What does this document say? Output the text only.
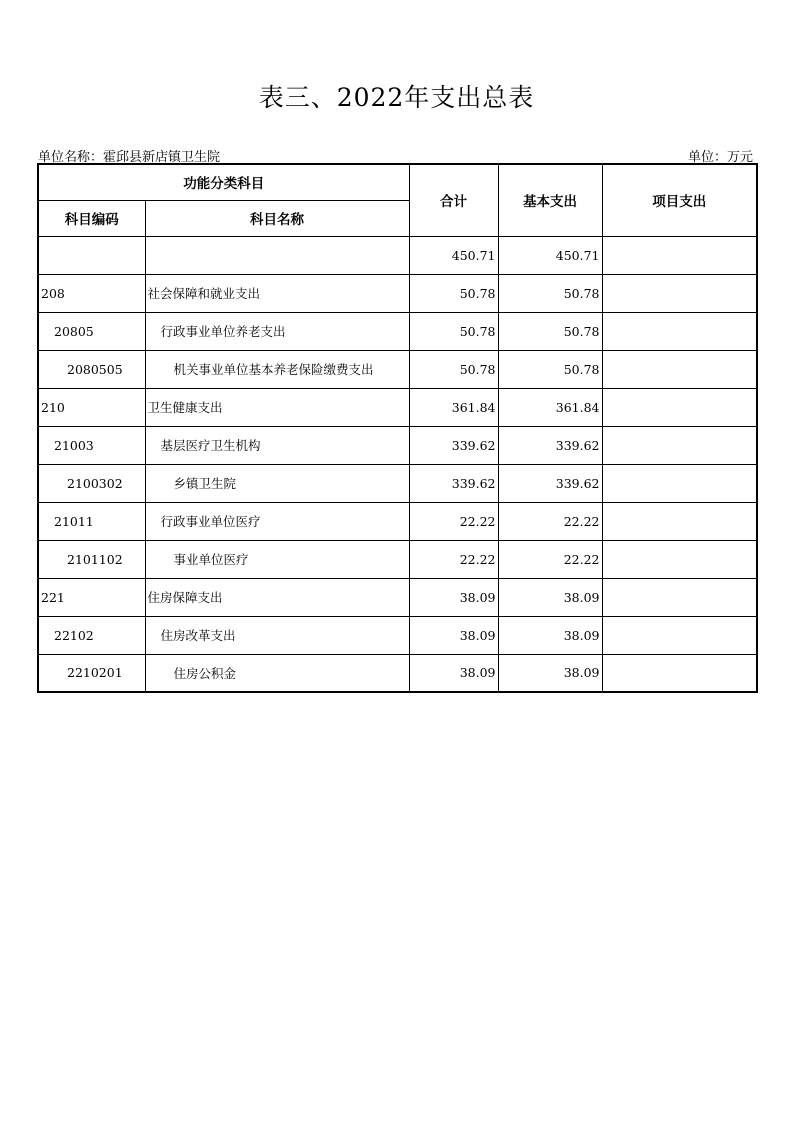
表三、2022年支出总表
单位名称：霍邱县新店镇卫生院	单位：万元
功能分类科目		合计	基本支出	项目支出
科目编码	科目名称			
		450.71	450.71	
208	社会保障和就业支出	50.78	50.78	
20805	行政事业单位养老支出	50.78	50.78	
2080505	机关事业单位基本养老保险缴费支出	50.78	50.78	
210	卫生健康支出	361.84	361.84	
21003	基层医疗卫生机构	339.62	339.62	
2100302	乡镇卫生院	339.62	339.62	
21011	行政事业单位医疗	22.22	22.22	
2101102	事业单位医疗	22.22	22.22	
221	住房保障支出	38.09	38.09	
22102	住房改革支出	38.09	38.09	
2210201	住房公积金	38.09	38.09	
